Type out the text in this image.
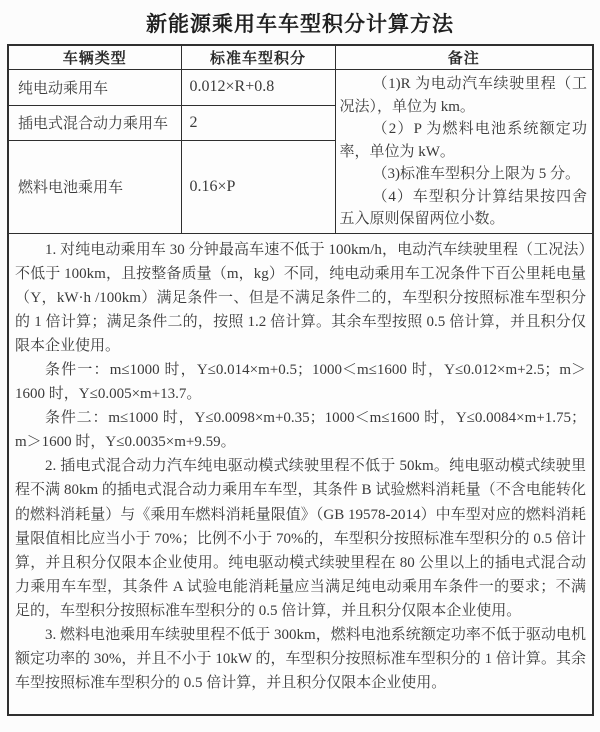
新能源乘用车车型积分计算方法
车辆类型	标准车型积分	备注
纯电动乘用车	0.012×R+0.8	（1)R 为电动汽车续驶里程（工况法），单位为 km。

（2）P 为燃料电池系统额定功率，单位为 kW。

（3)标准车型积分上限为 5 分。

（4）车型积分计算结果按四舍五入原则保留两位小数。

插电式混合动力乘用车	2	
燃料电池乘用车	0.16×P	

1. 对纯电动乘用车 30 分钟最高车速不低于 100km/h，电动汽车续驶里程（工况法）不低于 100km，且按整备质量（m，kg）不同，纯电动乘用车工况条件下百公里耗电量（Y，kW·h /100km）满足条件一、但是不满足条件二的，车型积分按照标准车型积分的 1 倍计算；满足条件二的，按照 1.2 倍计算。其余车型按照 0.5 倍计算，并且积分仅限本企业使用。

条件一：m≤1000 时，Y≤0.014×m+0.5；1000＜m≤1600 时，Y≤0.012×m+2.5；m＞1600 时，Y≤0.005×m+13.7。

条件二：m≤1000 时，Y≤0.0098×m+0.35；1000＜m≤1600 时，Y≤0.0084×m+1.75；m＞1600 时，Y≤0.0035×m+9.59。

2. 插电式混合动力汽车纯电驱动模式续驶里程不低于 50km。纯电驱动模式续驶里程不满 80km 的插电式混合动力乘用车车型，其条件 B 试验燃料消耗量（不含电能转化的燃料消耗量）与《乘用车燃料消耗量限值》（GB 19578-2014）中车型对应的燃料消耗量限值相比应当小于 70%；比例不小于 70%的，车型积分按照标准车型积分的 0.5 倍计算，并且积分仅限本企业使用。纯电驱动模式续驶里程在 80 公里以上的插电式混合动力乘用车车型，其条件 A 试验电能消耗量应当满足纯电动乘用车条件一的要求；不满足的，车型积分按照标准车型积分的 0.5 倍计算，并且积分仅限本企业使用。

3. 燃料电池乘用车续驶里程不低于 300km，燃料电池系统额定功率不低于驱动电机额定功率的 30%，并且不小于 10kW 的，车型积分按照标准车型积分的 1 倍计算。其余车型按照标准车型积分的 0.5 倍计算，并且积分仅限本企业使用。		
